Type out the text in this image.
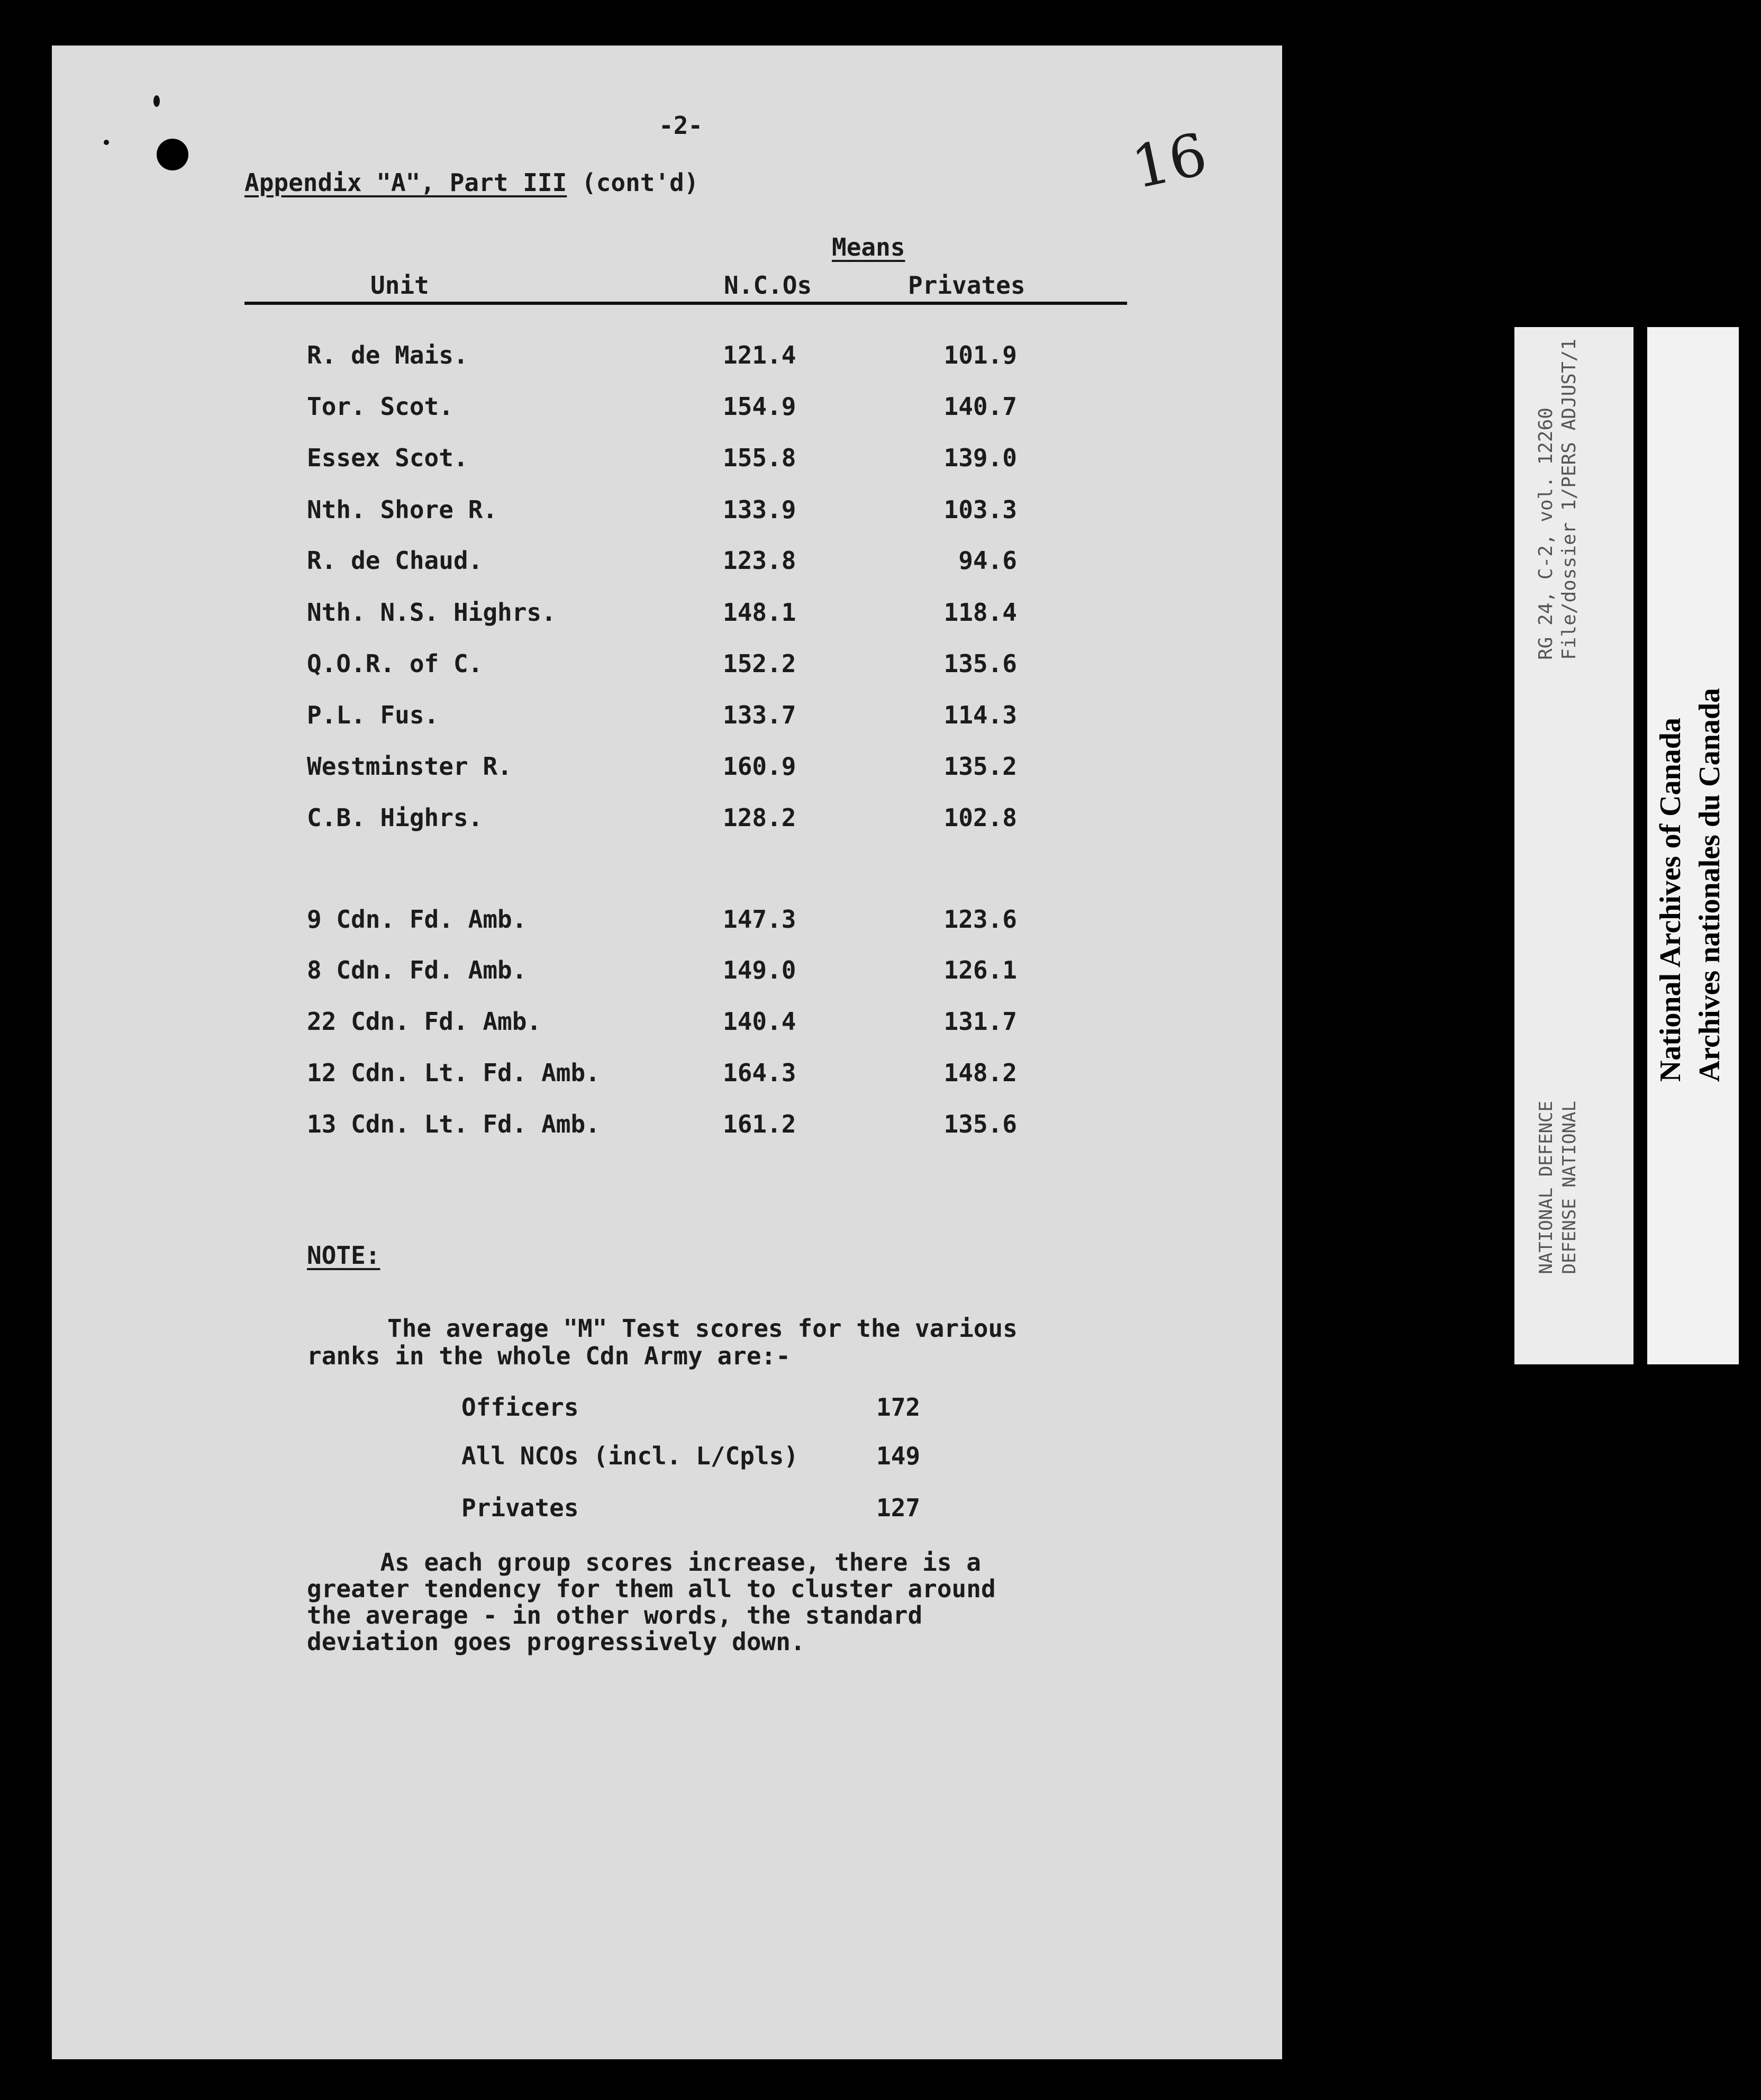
-2-	16
Appendix "A", Part III (cont'd)
Means
Unit	N.C.Os	Privates
R. de Mais.	121.4	101.9
Tor. Scot.	154.9	140.7
Essex Scot.	155.8	139.0
Nth. Shore R.	133.9	103.3
R. de Chaud.	123.8	94.6
Nth. N.S. Highrs.	148.1	118.4
Q.O.R. of C.	152.2	135.6
P.L. Fus.	133.7	114.3
Westminster R.	160.9	135.2
C.B. Highrs.	128.2	102.8
9 Cdn. Fd. Amb.	147.3	123.6
8 Cdn. Fd. Amb.	149.0	126.1
22 Cdn. Fd. Amb.	140.4	131.7
12 Cdn. Lt. Fd. Amb.	164.3	148.2
13 Cdn. Lt. Fd. Amb.	161.2	135.6
NOTE:
The average "M" Test scores for the various
ranks in the whole Cdn Army are:-
Officers	172
All NCOs (incl. L/Cpls)	149
Privates	127
As each group scores increase, there is a
greater tendency for them all to cluster around
the average - in other words, the standard
deviation goes progressively down.
RG 24, C-2, vol. 12260
File/dossier 1/PERS ADJUST/1
NATIONAL DEFENCE DEFENSE NATIONAL
National Archives of Canada Archives nationales du Canada
